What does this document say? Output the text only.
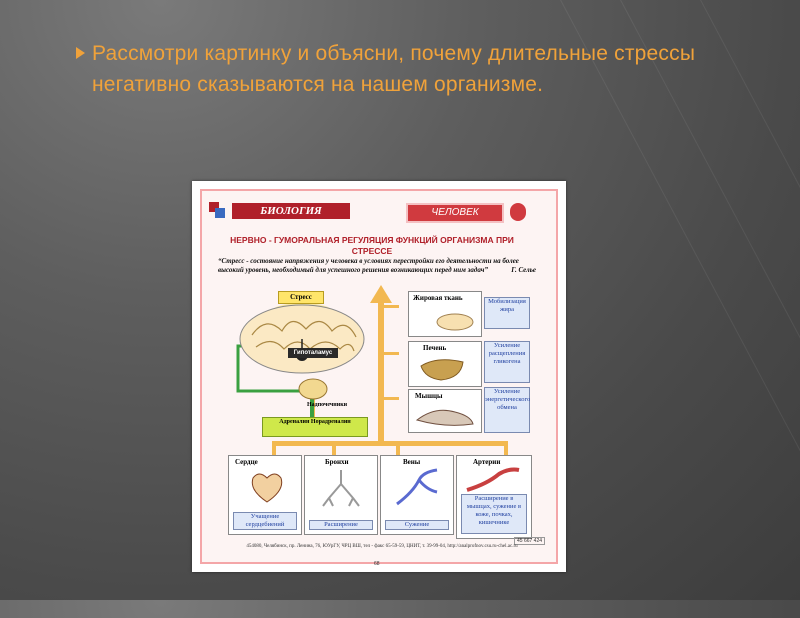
Рассмотри картинку и объясни, почему длительные стрессы негативно сказываются на нашем организме.
БИОЛОГИЯ	ЧЕЛОВЕК
НЕРВНО - ГУМОРАЛЬНАЯ РЕГУЛЯЦИЯ ФУНКЦИЙ ОРГАНИЗМА ПРИ СТРЕССЕ
“Стресс - состояние напряжения у человека в условиях перестройки его деятельности на более высокий уровень, необходимый для успешного решения возникающих перед ним задач”	Г. Селье
Стресс
Гипоталамус
Надпочечники
Адреналин Норадреналин
Жировая ткань	Мобилизация жира
Печень	Усиление расщепления гликогена
Мышцы
Усиление энергетического обмена
Сердце
Учащение сердцебиений
Бронхи
Расширение
Вены
Сужение
Артерии
Расширение в мышцах, сужение в коже, почках, кишечнике
45 667 424
454080, Челябинск, пр. Ленина, 76, ЮУрГУ, ЧРЦ ВШ, тел - факс 65-59-59, ЦНИТ, т. 39-99-04, http://analprofnov.csu.ru-chel.ac.ru
68
